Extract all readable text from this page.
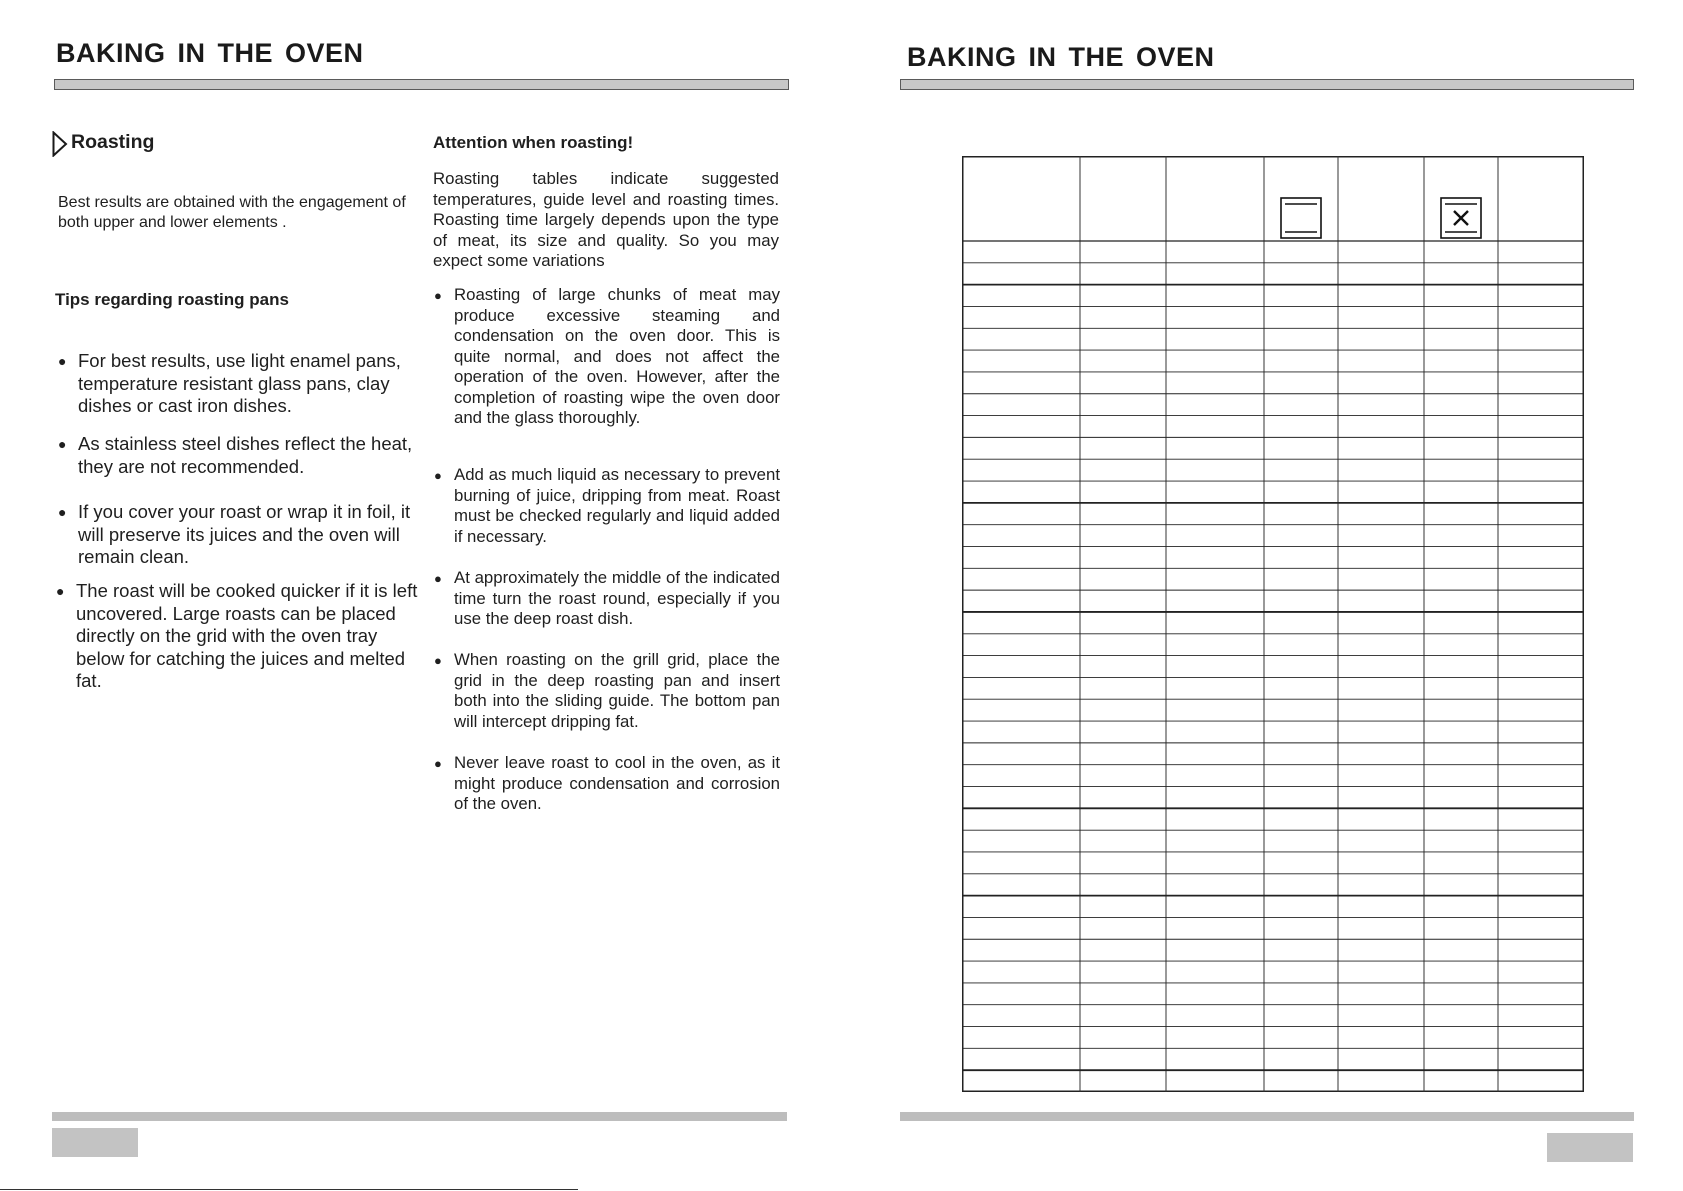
BAKING IN THE OVEN
Roasting
Best results are obtained with the engagement of both upper and lower elements .
Tips regarding roasting pans
● For best results, use light enamel pans, temperature resistant glass pans, clay dishes or cast iron dishes.
● As stainless steel dishes reflect the heat, they are not recommended.
● If you cover your roast or wrap it in foil, it will preserve its juices and the oven will remain clean.
● The roast will be cooked quicker if it is left uncovered. Large roasts can be placed directly on the grid with the oven tray below for catching the juices and melted fat.
Attention when roasting!
Roasting tables indicate suggested temperatures, guide level and roasting times. Roasting time largely depends upon the type of meat, its size and quality. So you may expect some variations
● Roasting of large chunks of meat may produce excessive steaming and condensation on the oven door. This is quite normal, and does not affect the operation of the oven. However, after the completion of roasting wipe the oven door and the glass thoroughly.
● Add as much liquid as necessary to prevent burning of juice, dripping from meat. Roast must be checked regularly and liquid added if necessary.
● At approximately the middle of the indicated time turn the roast round, especially if you use the deep roast dish.
● When roasting on the grill grid, place the grid in the deep roasting pan and insert both into the sliding guide. The bottom pan will intercept dripping fat.
● Never leave roast to cool in the oven, as it might produce condensation and corrosion of the oven.
BAKING IN THE OVEN
